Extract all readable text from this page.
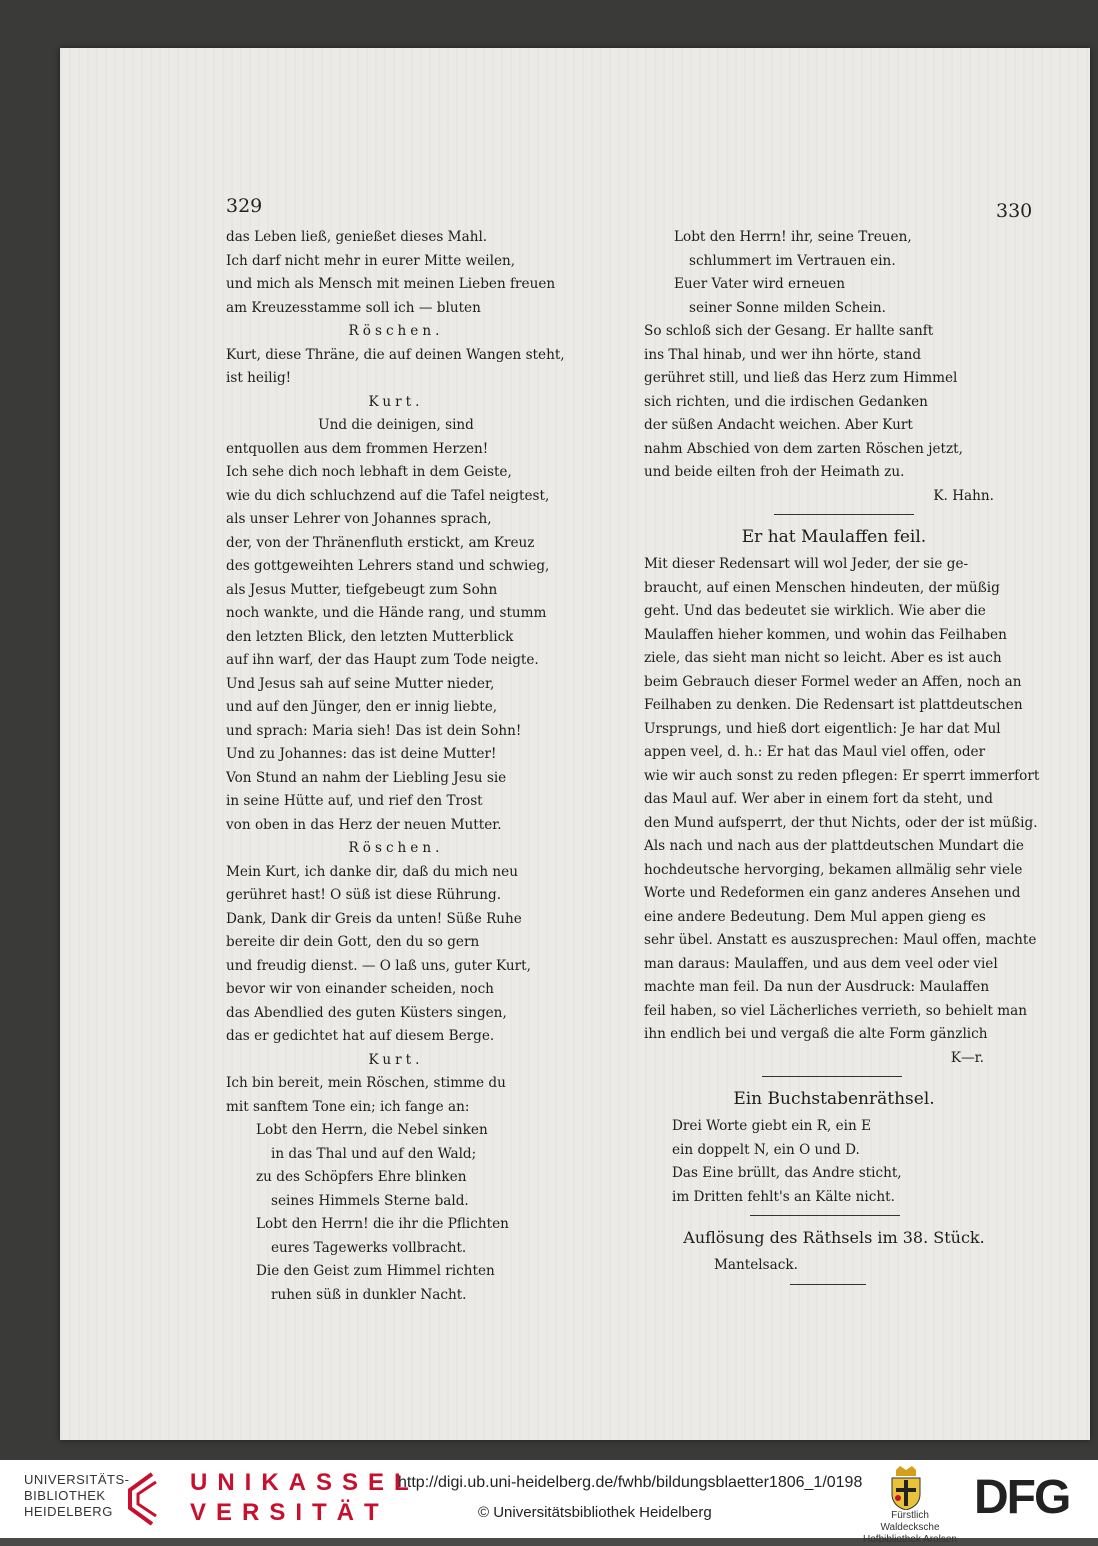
329	330
das Leben ließ, genießet dieses Mahl.
Ich darf nicht mehr in eurer Mitte weilen,
und mich als Mensch mit meinen Lieben freuen
am Kreuzesstamme soll ich — bluten
Röschen.
Kurt, diese Thräne, die auf deinen Wangen steht,
ist heilig!
Kurt.
Und die deinigen, sind
entquollen aus dem frommen Herzen!
Ich sehe dich noch lebhaft in dem Geiste,
wie du dich schluchzend auf die Tafel neigtest,
als unser Lehrer von Johannes sprach,
der, von der Thränenfluth erstickt, am Kreuz
des gottgeweihten Lehrers stand und schwieg,
als Jesus Mutter, tiefgebeugt zum Sohn
noch wankte, und die Hände rang, und stumm
den letzten Blick, den letzten Mutterblick
auf ihn warf, der das Haupt zum Tode neigte.
Und Jesus sah auf seine Mutter nieder,
und auf den Jünger, den er innig liebte,
und sprach: Maria sieh! Das ist dein Sohn!
Und zu Johannes: das ist deine Mutter!
Von Stund an nahm der Liebling Jesu sie
in seine Hütte auf, und rief den Trost
von oben in das Herz der neuen Mutter.
Röschen.
Mein Kurt, ich danke dir, daß du mich neu
gerühret hast! O süß ist diese Rührung.
Dank, Dank dir Greis da unten! Süße Ruhe
bereite dir dein Gott, den du so gern
und freudig dienst. — O laß uns, guter Kurt,
bevor wir von einander scheiden, noch
das Abendlied des guten Küsters singen,
das er gedichtet hat auf diesem Berge.
Kurt.
Ich bin bereit, mein Röschen, stimme du
mit sanftem Tone ein; ich fange an:
Lobt den Herrn, die Nebel sinken
in das Thal und auf den Wald;
zu des Schöpfers Ehre blinken
seines Himmels Sterne bald.
Lobt den Herrn! die ihr die Pflichten
eures Tagewerks vollbracht.
Die den Geist zum Himmel richten
ruhen süß in dunkler Nacht.
Lobt den Herrn! ihr, seine Treuen,
schlummert im Vertrauen ein.
Euer Vater wird erneuen
seiner Sonne milden Schein.
So schloß sich der Gesang. Er hallte sanft
ins Thal hinab, und wer ihn hörte, stand
gerühret still, und ließ das Herz zum Himmel
sich richten, und die irdischen Gedanken
der süßen Andacht weichen. Aber Kurt
nahm Abschied von dem zarten Röschen jetzt,
und beide eilten froh der Heimath zu.
K. Hahn.
Er hat Maulaffen feil.
Mit dieser Redensart will wol Jeder, der sie ge-
braucht, auf einen Menschen hindeuten, der müßig
geht. Und das bedeutet sie wirklich. Wie aber die
Maulaffen hieher kommen, und wohin das Feilhaben
ziele, das sieht man nicht so leicht. Aber es ist auch
beim Gebrauch dieser Formel weder an Affen, noch an
Feilhaben zu denken. Die Redensart ist plattdeutschen
Ursprungs, und hieß dort eigentlich: Je har dat Mul
appen veel, d. h.: Er hat das Maul viel offen, oder
wie wir auch sonst zu reden pflegen: Er sperrt immerfort
das Maul auf. Wer aber in einem fort da steht, und
den Mund aufsperrt, der thut Nichts, oder der ist müßig.
Als nach und nach aus der plattdeutschen Mundart die
hochdeutsche hervorging, bekamen allmälig sehr viele
Worte und Redeformen ein ganz anderes Ansehen und
eine andere Bedeutung. Dem Mul appen gieng es
sehr übel. Anstatt es auszusprechen: Maul offen, machte
man daraus: Maulaffen, und aus dem veel oder viel
machte man feil. Da nun der Ausdruck: Maulaffen
feil haben, so viel Lächerliches verrieth, so behielt man
ihn endlich bei und vergaß die alte Form gänzlich
K—r.
Ein Buchstabenräthsel.
Drei Worte giebt ein R, ein E
ein doppelt N, ein O und D.
Das Eine brüllt, das Andre sticht,
im Dritten fehlt's an Kälte nicht.
Auflösung des Räthsels im 38. Stück.
Mantelsack.
UNIVERSITÄTS-
BIBLIOTHEK
HEIDELBERG
UNIKASSEL
VERSITÄT
http://digi.ub.uni-heidelberg.de/fwhb/bildungsblaetter1806_1/0198
© Universitätsbibliothek Heidelberg	Fürstlich Waldecksche
Hofbibliothek Arolsen
DFG
